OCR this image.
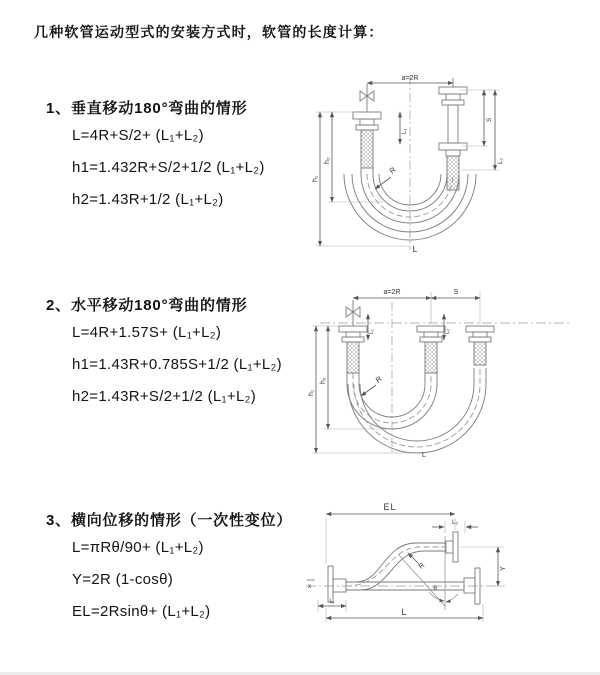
几种软管运动型式的安装方式时，软管的长度计算：
1、垂直移动180°弯曲的情形
L=4R+S/2+ (L₁+L₂)
h1=1.432R+S/2+1/2 (L₁+L₂)
h2=1.43R+1/2 (L₁+L₂)
2、水平移动180°弯曲的情形
L=4R+1.57S+ (L₁+L₂)
h1=1.43R+0.785S+1/2 (L₁+L₂)
h2=1.43R+S/2+1/2 (L₁+L₂)
3、横向位移的情形（一次性变位）
L=πRθ/90+ (L₁+L₂)
Y=2R (1-cosθ)
EL=2Rsinθ+ (L₁+L₂)
a=2R
h₁
h₂
L₁
S
L₂
R
L
a=2R	S
h₁
h₂
L₁	L₂
R
L
EL
L₂
Y
R
θ
L₁
L
x
